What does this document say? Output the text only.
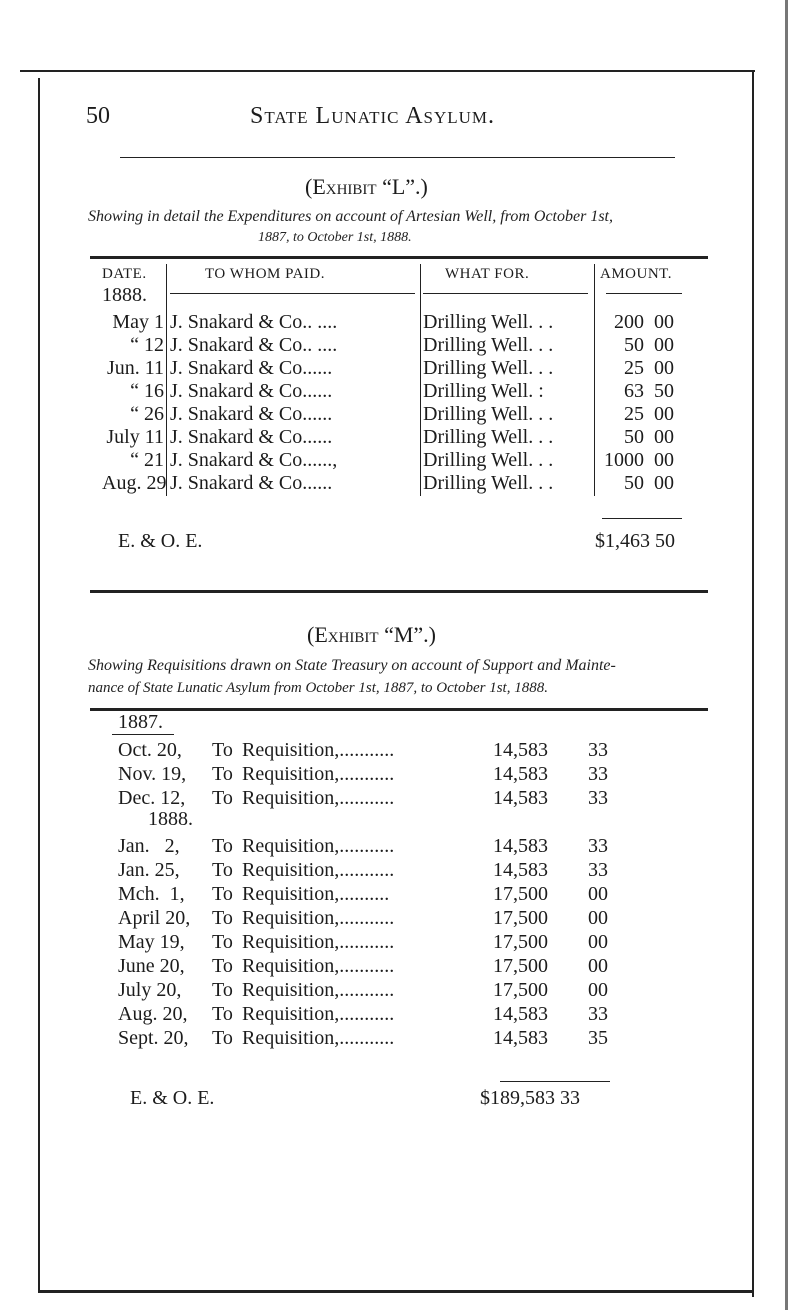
50	State Lunatic Asylum.
(Exhibit “L”.)
Showing in detail the Expenditures on account of Artesian Well, from October 1st,
1887, to October 1st, 1888.
DATE.
1888.
TO WHOM PAID.	WHAT FOR.	AMOUNT.
May 1 J. Snakard & Co.. ....	Drilling Well. . .	200 00
“ 12 J. Snakard & Co.. ....	Drilling Well. . .	50 00
Jun. 11 J. Snakard & Co......	Drilling Well. . .	25 00
“ 16 J. Snakard & Co......	Drilling Well. :	63 50
“ 26 J. Snakard & Co......	Drilling Well. . .	25 00
July 11 J. Snakard & Co......	Drilling Well. . .	50 00
“ 21 J. Snakard & Co......,	Drilling Well. . .	1000 00
Aug. 29 J. Snakard & Co......	Drilling Well. . .	50 00
E. & O. E.	$1,463 50
(Exhibit “M”.)
Showing Requisitions drawn on State Treasury on account of Support and Mainte-
nance of State Lunatic Asylum from October 1st, 1887, to October 1st, 1888.
1887.
Oct. 20,	To Requisition,...........	14,583 33
Nov. 19,	To Requisition,...........	14,583 33
Dec. 12,	To Requisition,...........	14,583 33
1888.
Jan.   2,	To Requisition,...........	14,583 33
Jan. 25,	To Requisition,...........	14,583 33
Mch.  1,	To Requisition,..........	17,500 00
April 20,	To Requisition,...........	17,500 00
May 19,	To Requisition,...........	17,500 00
June 20,	To Requisition,...........	17,500 00
July 20,	To Requisition,...........	17,500 00
Aug. 20,	To Requisition,...........	14,583 33
Sept. 20,	To Requisition,...........	14,583 35
E. & O. E.	$189,583 33
